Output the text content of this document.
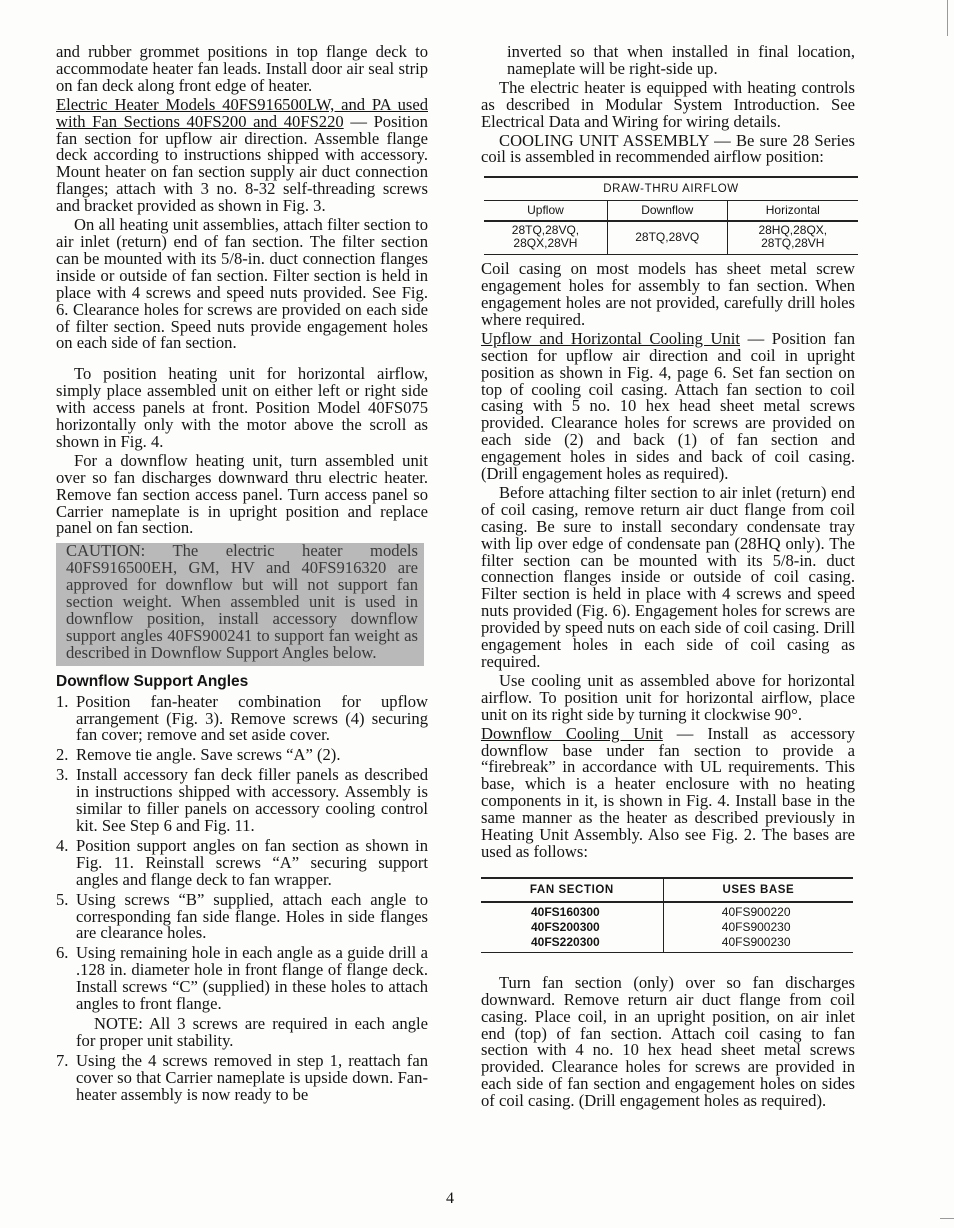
and rubber grommet positions in top flange deck to accommodate heater fan leads. Install door air seal strip on fan deck along front edge of heater.

Electric Heater Models 40FS916500LW, and PA used with Fan Sections 40FS200 and 40FS220 — Position fan section for upflow air direction. Assemble flange deck according to instructions shipped with accessory. Mount heater on fan section supply air duct connection flanges; attach with 3 no. 8-32 self-threading screws and bracket provided as shown in Fig. 3.

On all heating unit assemblies, attach filter section to air inlet (return) end of fan section. The filter section can be mounted with its 5/8-in. duct connection flanges inside or outside of fan section. Filter section is held in place with 4 screws and speed nuts provided. See Fig. 6. Clearance holes for screws are provided on each side of filter section. Speed nuts provide engagement holes on each side of fan section.

To position heating unit for horizontal airflow, simply place assembled unit on either left or right side with access panels at front. Position Model 40FS075 horizontally only with the motor above the scroll as shown in Fig. 4.

For a downflow heating unit, turn assembled unit over so fan discharges downward thru electric heater. Remove fan section access panel. Turn access panel so Carrier nameplate is in upright position and replace panel on fan section.

CAUTION: The electric heater models 40FS916500EH, GM, HV and 40FS916320 are approved for downflow but will not support fan section weight. When assembled unit is used in downflow position, install accessory downflow support angles 40FS900241 to support fan weight as described in Downflow Support Angles below.
Downflow Support Angles
1. Position fan-heater combination for upflow arrangement (Fig. 3). Remove screws (4) securing fan cover; remove and set aside cover.
2. Remove tie angle. Save screws “A” (2).
3. Install accessory fan deck filler panels as described in instructions shipped with accessory. Assembly is similar to filler panels on accessory cooling control kit. See Step 6 and Fig. 11.
4. Position support angles on fan section as shown in Fig. 11. Reinstall screws “A” securing support angles and flange deck to fan wrapper.
5. Using screws “B” supplied, attach each angle to corresponding fan side flange. Holes in side flanges are clearance holes.
6. Using remaining hole in each angle as a guide drill a .128 in. diameter hole in front flange of flange deck. Install screws “C” (supplied) in these holes to attach angles to front flange.

NOTE: All 3 screws are required in each angle for proper unit stability.

7. Using the 4 screws removed in step 1, reattach fan cover so that Carrier nameplate is upside down. Fan-heater assembly is now ready to be

inverted so that when installed in final location, nameplate will be right-side up.

The electric heater is equipped with heating controls as described in Modular System Introduction. See Electrical Data and Wiring for wiring details.

COOLING UNIT ASSEMBLY — Be sure 28 Series coil is assembled in recommended airflow position:

DRAW-THRU AIRFLOW		
Upflow	Downflow	Horizontal
28TQ,28VQ, 28QX,28VH	28TQ,28VQ	28HQ,28QX, 28TQ,28VH

Coil casing on most models has sheet metal screw engagement holes for assembly to fan section. When engagement holes are not provided, carefully drill holes where required.

Upflow and Horizontal Cooling Unit — Position fan section for upflow air direction and coil in upright position as shown in Fig. 4, page 6. Set fan section on top of cooling coil casing. Attach fan section to coil casing with 5 no. 10 hex head sheet metal screws provided. Clearance holes for screws are provided on each side (2) and back (1) of fan section and engagement holes in sides and back of coil casing. (Drill engagement holes as required).

Before attaching filter section to air inlet (return) end of coil casing, remove return air duct flange from coil casing. Be sure to install secondary condensate tray with lip over edge of condensate pan (28HQ only). The filter section can be mounted with its 5/8-in. duct connection flanges inside or outside of coil casing. Filter section is held in place with 4 screws and speed nuts provided (Fig. 6). Engagement holes for screws are provided by speed nuts on each side of coil casing. Drill engagement holes in each side of coil casing as required.

Use cooling unit as assembled above for horizontal airflow. To position unit for horizontal airflow, place unit on its right side by turning it clockwise 90°.

Downflow Cooling Unit — Install as accessory downflow base under fan section to provide a “firebreak” in accordance with UL requirements. This base, which is a heater enclosure with no heating components in it, is shown in Fig. 4. Install base in the same manner as the heater as described previously in Heating Unit Assembly. Also see Fig. 2. The bases are used as follows:

FAN SECTION	USES BASE
40FS160300	40FS900220
40FS200300	40FS900230
40FS220300	40FS900230

Turn fan section (only) over so fan discharges downward. Remove return air duct flange from coil casing. Place coil, in an upright position, on air inlet end (top) of fan section. Attach coil casing to fan section with 4 no. 10 hex head sheet metal screws provided. Clearance holes for screws are provided in each side of fan section and engagement holes on sides of coil casing. (Drill engagement holes as required).

4
